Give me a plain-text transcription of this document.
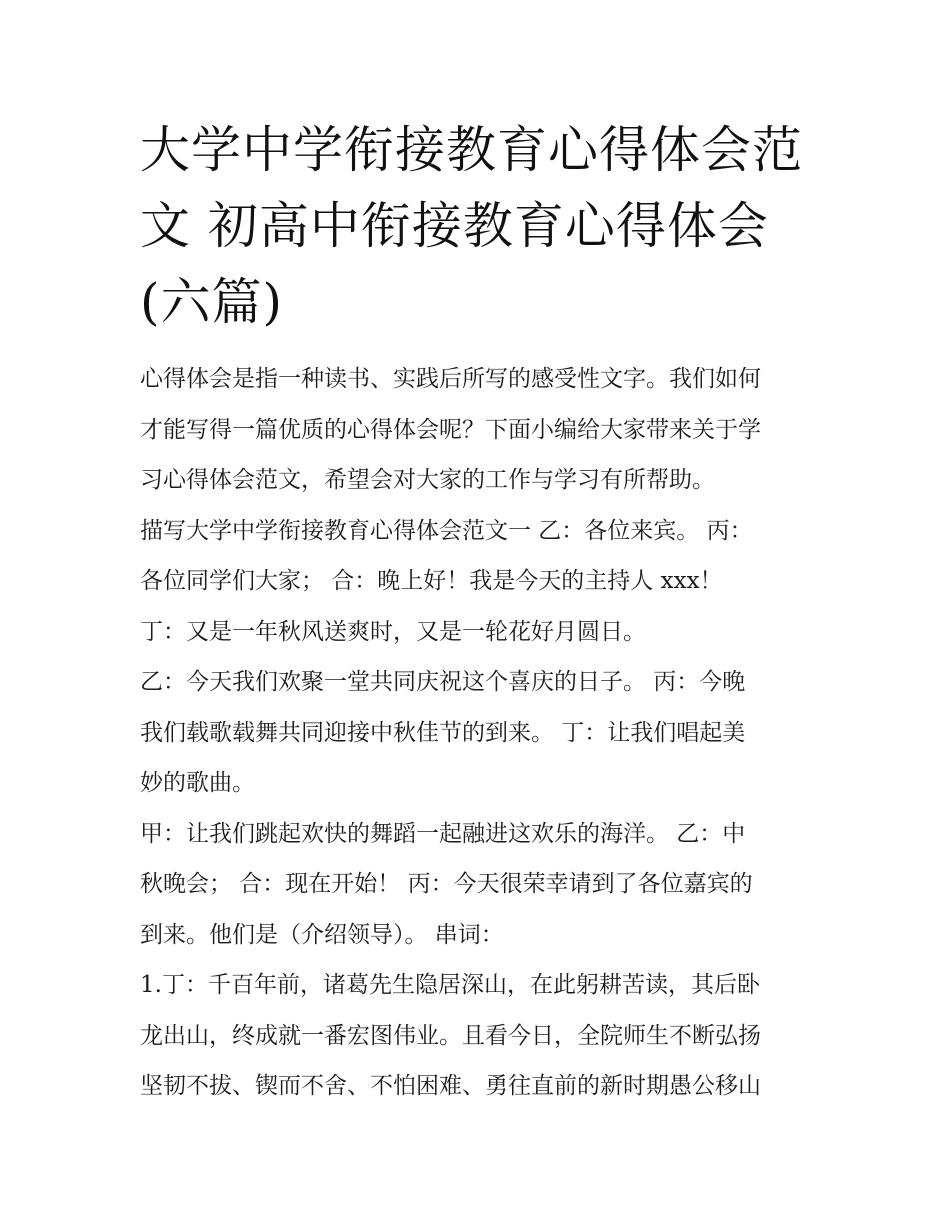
大学中学衔接教育心得体会范
文 初高中衔接教育心得体会
(六篇)
心得体会是指一种读书、实践后所写的感受性文字。我们如何
才能写得一篇优质的心得体会呢？下面小编给大家带来关于学
习心得体会范文，希望会对大家的工作与学习有所帮助。
描写大学中学衔接教育心得体会范文一 乙：各位来宾。 丙：
各位同学们大家； 合：晚上好！我是今天的主持人 xxx！
丁：又是一年秋风送爽时，又是一轮花好月圆日。
乙：今天我们欢聚一堂共同庆祝这个喜庆的日子。 丙：今晚
我们载歌载舞共同迎接中秋佳节的到来。 丁：让我们唱起美
妙的歌曲。
甲：让我们跳起欢快的舞蹈一起融进这欢乐的海洋。 乙：中
秋晚会； 合：现在开始！ 丙：今天很荣幸请到了各位嘉宾的
到来。他们是（介绍领导）。 串词：
1.丁：千百年前，诸葛先生隐居深山，在此躬耕苦读，其后卧
龙出山，终成就一番宏图伟业。且看今日，全院师生不断弘扬
坚韧不拔、锲而不舍、不怕困难、勇往直前的新时期愚公移山
